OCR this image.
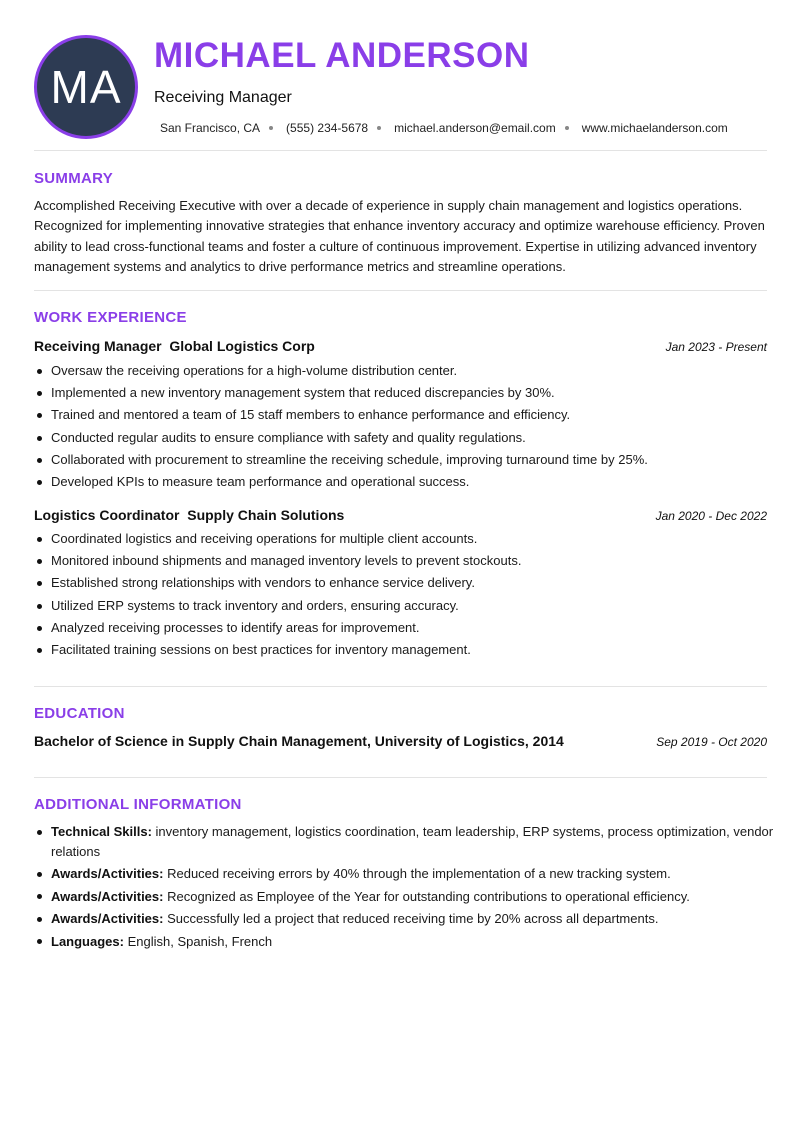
MA
MICHAEL ANDERSON
Receiving Manager
San Francisco, CA (555) 234-5678 michael.anderson@email.com www.michaelanderson.com
SUMMARY

Accomplished Receiving Executive with over a decade of experience in supply chain management and logistics operations. Recognized for implementing innovative strategies that enhance inventory accuracy and optimize warehouse efficiency. Proven ability to lead cross-functional teams and foster a culture of continuous improvement. Expertise in utilizing advanced inventory management systems and analytics to drive performance metrics and streamline operations.

WORK EXPERIENCE
Receiving Manager  Global Logistics Corp	Jan 2023 - Present
Oversaw the receiving operations for a high-volume distribution center.
Implemented a new inventory management system that reduced discrepancies by 30%.
Trained and mentored a team of 15 staff members to enhance performance and efficiency.
Conducted regular audits to ensure compliance with safety and quality regulations.
Collaborated with procurement to streamline the receiving schedule, improving turnaround time by 25%.
Developed KPIs to measure team performance and operational success.
Logistics Coordinator  Supply Chain Solutions	Jan 2020 - Dec 2022
Coordinated logistics and receiving operations for multiple client accounts.
Monitored inbound shipments and managed inventory levels to prevent stockouts.
Established strong relationships with vendors to enhance service delivery.
Utilized ERP systems to track inventory and orders, ensuring accuracy.
Analyzed receiving processes to identify areas for improvement.
Facilitated training sessions on best practices for inventory management.
EDUCATION
Bachelor of Science in Supply Chain Management, University of Logistics, 2014	Sep 2019 - Oct 2020
ADDITIONAL INFORMATION
Technical Skills: inventory management, logistics coordination, team leadership, ERP systems, process optimization, vendor relations
Awards/Activities: Reduced receiving errors by 40% through the implementation of a new tracking system.
Awards/Activities: Recognized as Employee of the Year for outstanding contributions to operational efficiency.
Awards/Activities: Successfully led a project that reduced receiving time by 20% across all departments.
Languages: English, Spanish, French
